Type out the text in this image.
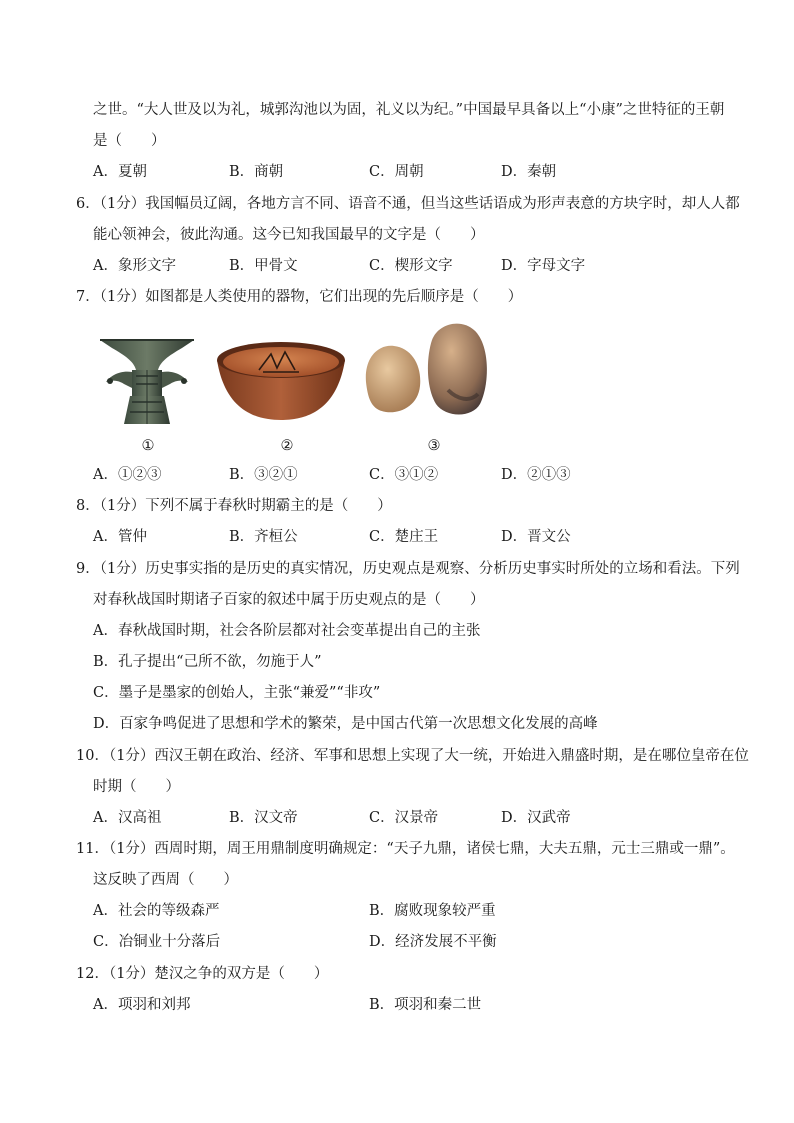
之世。“大人世及以为礼，城郭沟池以为固，礼义以为纪。”中国最早具备以上“小康”之世特征的王朝
是（　　）
A．夏朝	B．商朝	C．周朝	D．秦朝
6．（1分）我国幅员辽阔，各地方言不同、语音不通，但当这些话语成为形声表意的方块字时，却人人都
能心领神会，彼此沟通。这今已知我国最早的文字是（　　）
A．象形文字	B．甲骨文	C．楔形文字	D．字母文字
7．（1分）如图都是人类使用的器物，它们出现的先后顺序是（　　）
①	②	③
A．①②③	B．③②①	C．③①②	D．②①③
8．（1分）下列不属于春秋时期霸主的是（　　）
A．管仲	B．齐桓公	C．楚庄王	D．晋文公
9．（1分）历史事实指的是历史的真实情况，历史观点是观察、分析历史事实时所处的立场和看法。下列
对春秋战国时期诸子百家的叙述中属于历史观点的是（　　）
A．春秋战国时期，社会各阶层都对社会变革提出自己的主张
B．孔子提出“己所不欲，勿施于人”
C．墨子是墨家的创始人，主张“兼爱”“非攻”
D．百家争鸣促进了思想和学术的繁荣，是中国古代第一次思想文化发展的高峰
10．（1分）西汉王朝在政治、经济、军事和思想上实现了大一统，开始进入鼎盛时期，是在哪位皇帝在位
时期（　　）
A．汉高祖	B．汉文帝	C．汉景帝	D．汉武帝
11．（1分）西周时期，周王用鼎制度明确规定：“天子九鼎，诸侯七鼎，大夫五鼎，元士三鼎或一鼎”。
这反映了西周（　　）
A．社会的等级森严	B．腐败现象较严重
C．冶铜业十分落后	D．经济发展不平衡
12．（1分）楚汉之争的双方是（　　）
A．项羽和刘邦	B．项羽和秦二世
